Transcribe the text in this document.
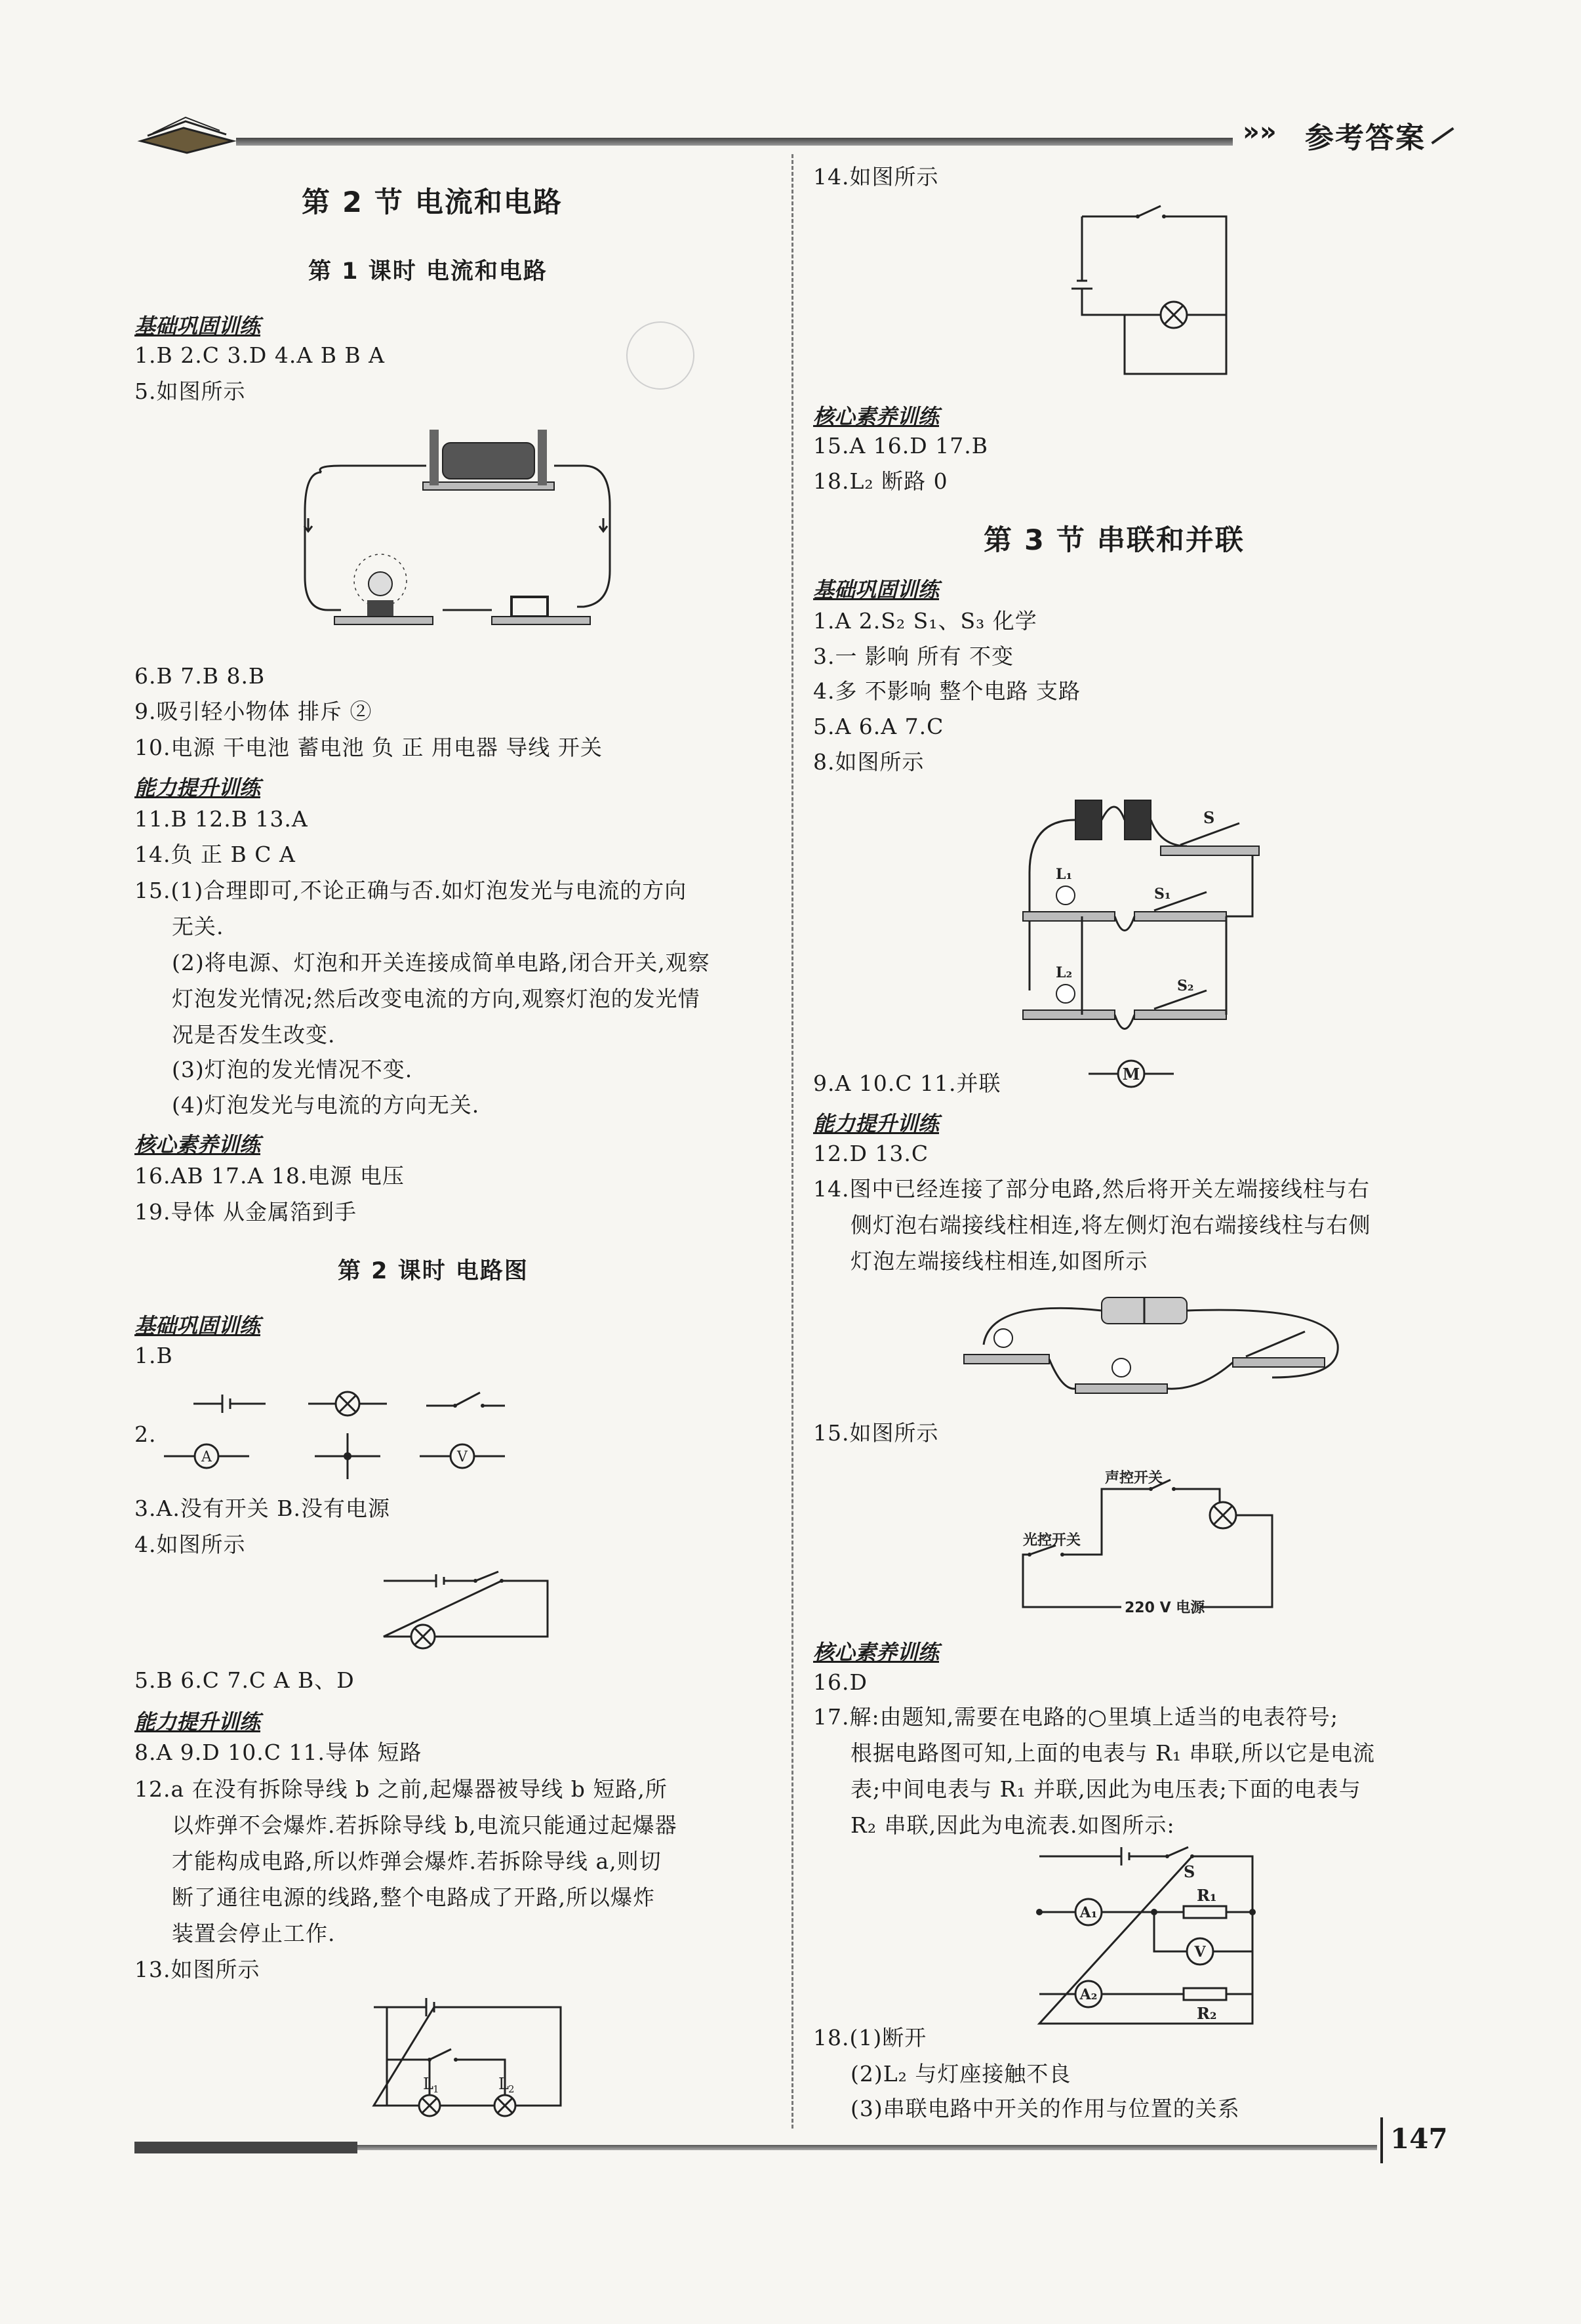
»» 参考答案
第 2 节 电流和电路
第 1 课时 电流和电路
基础巩固训练
1.B 2.C 3.D 4.A B B A
5.如图所示
6.B 7.B 8.B
9.吸引轻小物体 排斥 ②
10.电源 干电池 蓄电池 负 正 用电器 导线 开关
能力提升训练
11.B 12.B 13.A
14.负 正 B C A
15.(1)合理即可,不论正确与否.如灯泡发光与电流的方向
无关.
(2)将电源、灯泡和开关连接成简单电路,闭合开关,观察
灯泡发光情况;然后改变电流的方向,观察灯泡的发光情
况是否发生改变.
(3)灯泡的发光情况不变.
(4)灯泡发光与电流的方向无关.
核心素养训练
16.AB 17.A 18.电源 电压
19.导体 从金属箔到手
第 2 课时 电路图
基础巩固训练
1.B
2.
A	V
3.A.没有开关 B.没有电源
4.如图所示
5.B 6.C 7.C A B、D
能力提升训练
8.A 9.D 10.C 11.导体 短路
12.a 在没有拆除导线 b 之前,起爆器被导线 b 短路,所
以炸弹不会爆炸.若拆除导线 b,电流只能通过起爆器
才能构成电路,所以炸弹会爆炸.若拆除导线 a,则切
断了通往电源的线路,整个电路成了开路,所以爆炸
装置会停止工作.
13.如图所示
L 1	L 2
14.如图所示
核心素养训练
15.A 16.D 17.B
18.L₂ 断路 0
第 3 节 串联和并联
基础巩固训练
1.A 2.S₂ S₁、S₃ 化学
3.一 影响 所有 不变
4.多 不影响 整个电路 支路
5.A 6.A 7.C
8.如图所示
S
L₁
S₁
L₂
S₂
9.A 10.C 11.并联	M
能力提升训练
12.D 13.C
14.图中已经连接了部分电路,然后将开关左端接线柱与右
侧灯泡右端接线柱相连,将左侧灯泡右端接线柱与右侧
灯泡左端接线柱相连,如图所示
15.如图所示
声控开关
光控开关
220 V 电源
核心素养训练
16.D
17.解:由题知,需要在电路的○里填上适当的电表符号;
根据电路图可知,上面的电表与 R₁ 串联,所以它是电流
表;中间电表与 R₁ 并联,因此为电压表;下面的电表与
R₂ 串联,因此为电流表.如图所示:
S
A₁
R₁
V
A₂
R₂
18.(1)断开
(2)L₂ 与灯座接触不良
(3)串联电路中开关的作用与位置的关系
147
